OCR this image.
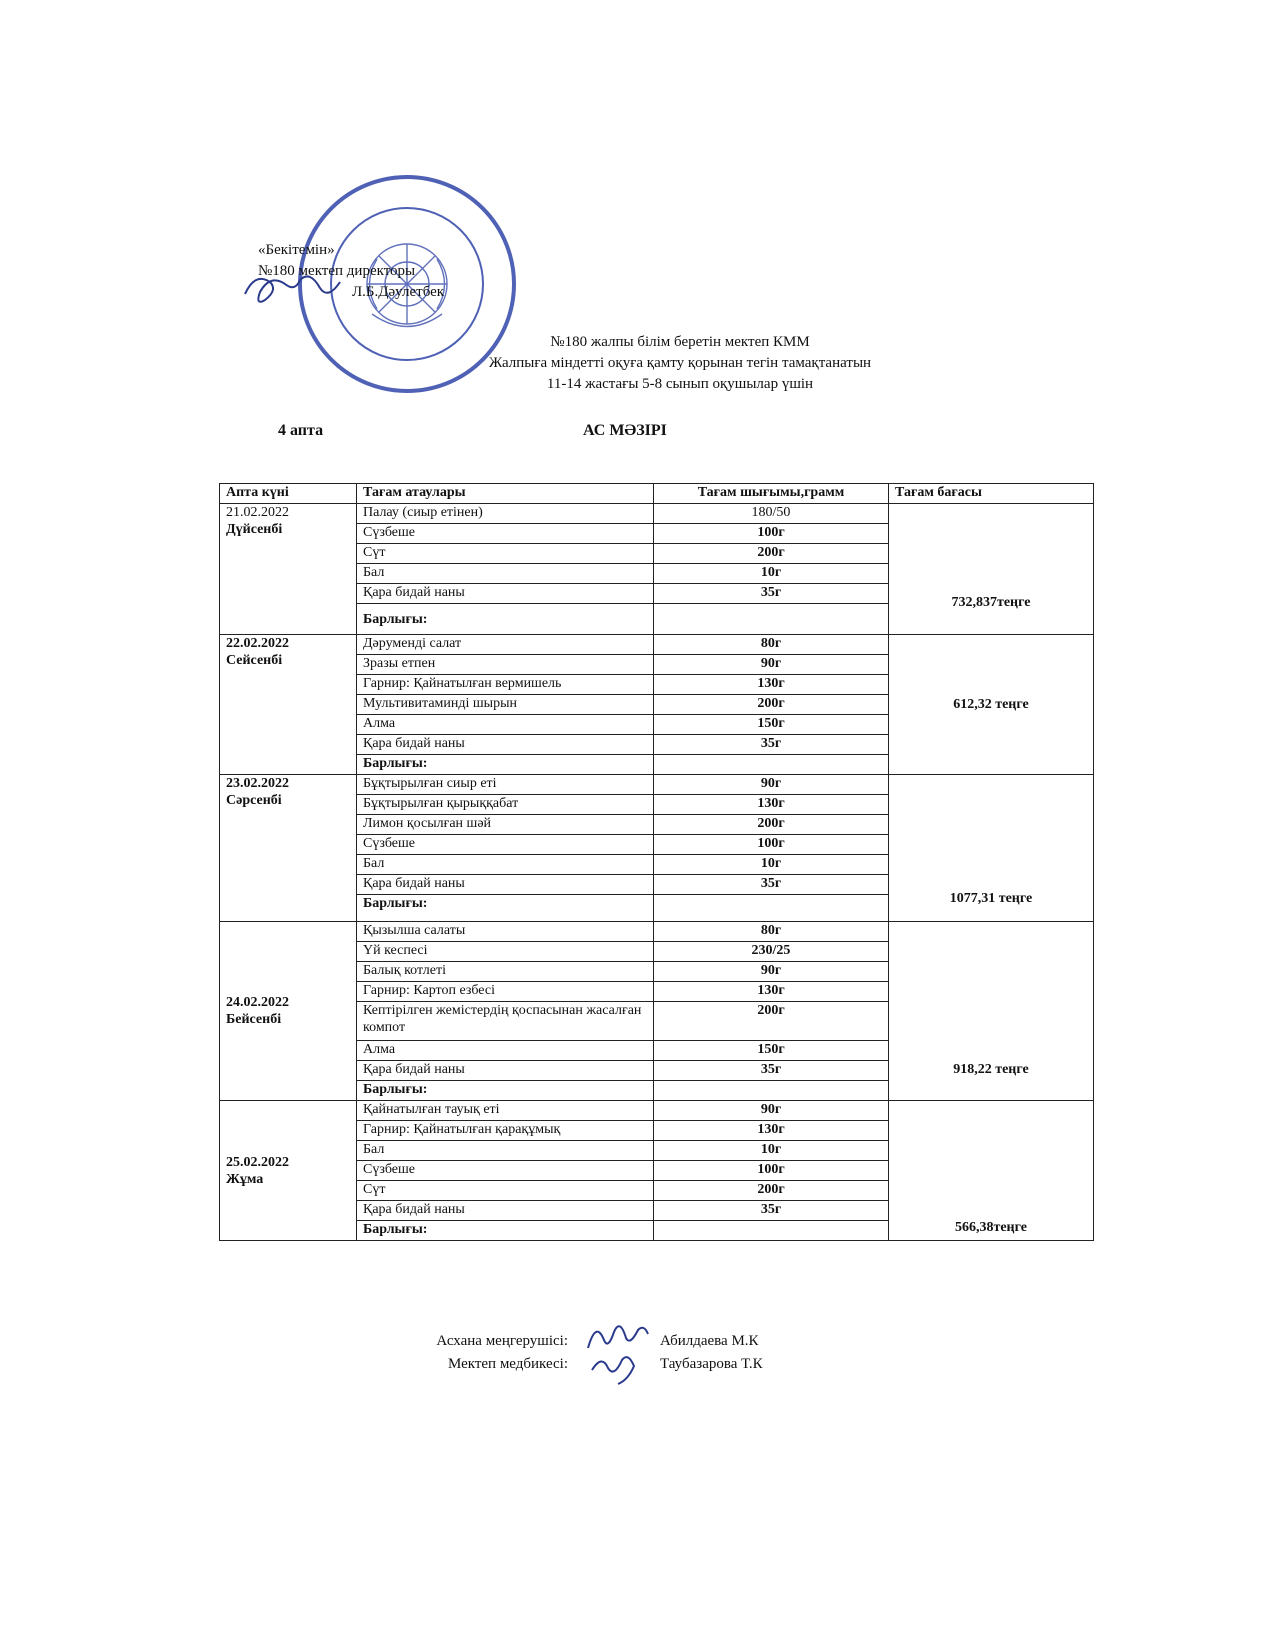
«Бекітемін»
№180 мектеп директоры
Л.Б.Дәулетбек
№180 жалпы білім беретін мектеп КММ
Жалпыға міндетті оқуға қамту қорынан тегін тамақтанатын
11-14 жастағы 5-8 сынып оқушылар үшін
4 апта	АС МӘЗІРІ
Апта күні	Тағам атаулары	Тағам шығымы,грамм	Тағам бағасы

21.02.2022
Дүйсенбі	Палау (сиыр етінен)	180/50	732,837теңге
	Сүзбеше	100г	
	Сүт	200г	
	Бал	10г	
	Қара бидай наны	35г	
	Барлығы:		

22.02.2022
Сейсенбі	Дәруменді салат	80г	612,32 теңге
	Зразы етпен	90г	
	Гарнир: Қайнатылған вермишель	130г	
	Мультивитаминді шырын	200г	
	Алма	150г	
	Қара бидай наны	35г	
	Барлығы:		

23.02.2022
Сәрсенбі	Бұқтырылған сиыр еті	90г	1077,31 теңге
	Бұқтырылған қырыққабат	130г	
	Лимон қосылған шәй	200г	
	Сүзбеше	100г	
	Бал	10г	
	Қара бидай наны	35г	
	Барлығы:		

24.02.2022
Бейсенбі	Қызылша салаты	80г	918,22 теңге
	Үй кеспесі	230/25	
	Балық котлеті	90г	
	Гарнир: Картоп езбесі	130г	
	Кептірілген жемістердің қоспасынан жасалған компот	200г	
	Алма	150г	
	Қара бидай наны	35г	
	Барлығы:		

25.02.2022
Жұма	Қайнатылған тауық еті	90г	566,38теңге
	Гарнир: Қайнатылған қарақұмық	130г	
	Бал	10г	
	Сүзбеше	100г	
	Сүт	200г	
	Қара бидай наны	35г	
	Барлығы:		
Асхана меңгерушісі:	Абилдаева М.К
Мектеп медбикесі:	Таубазарова Т.К
